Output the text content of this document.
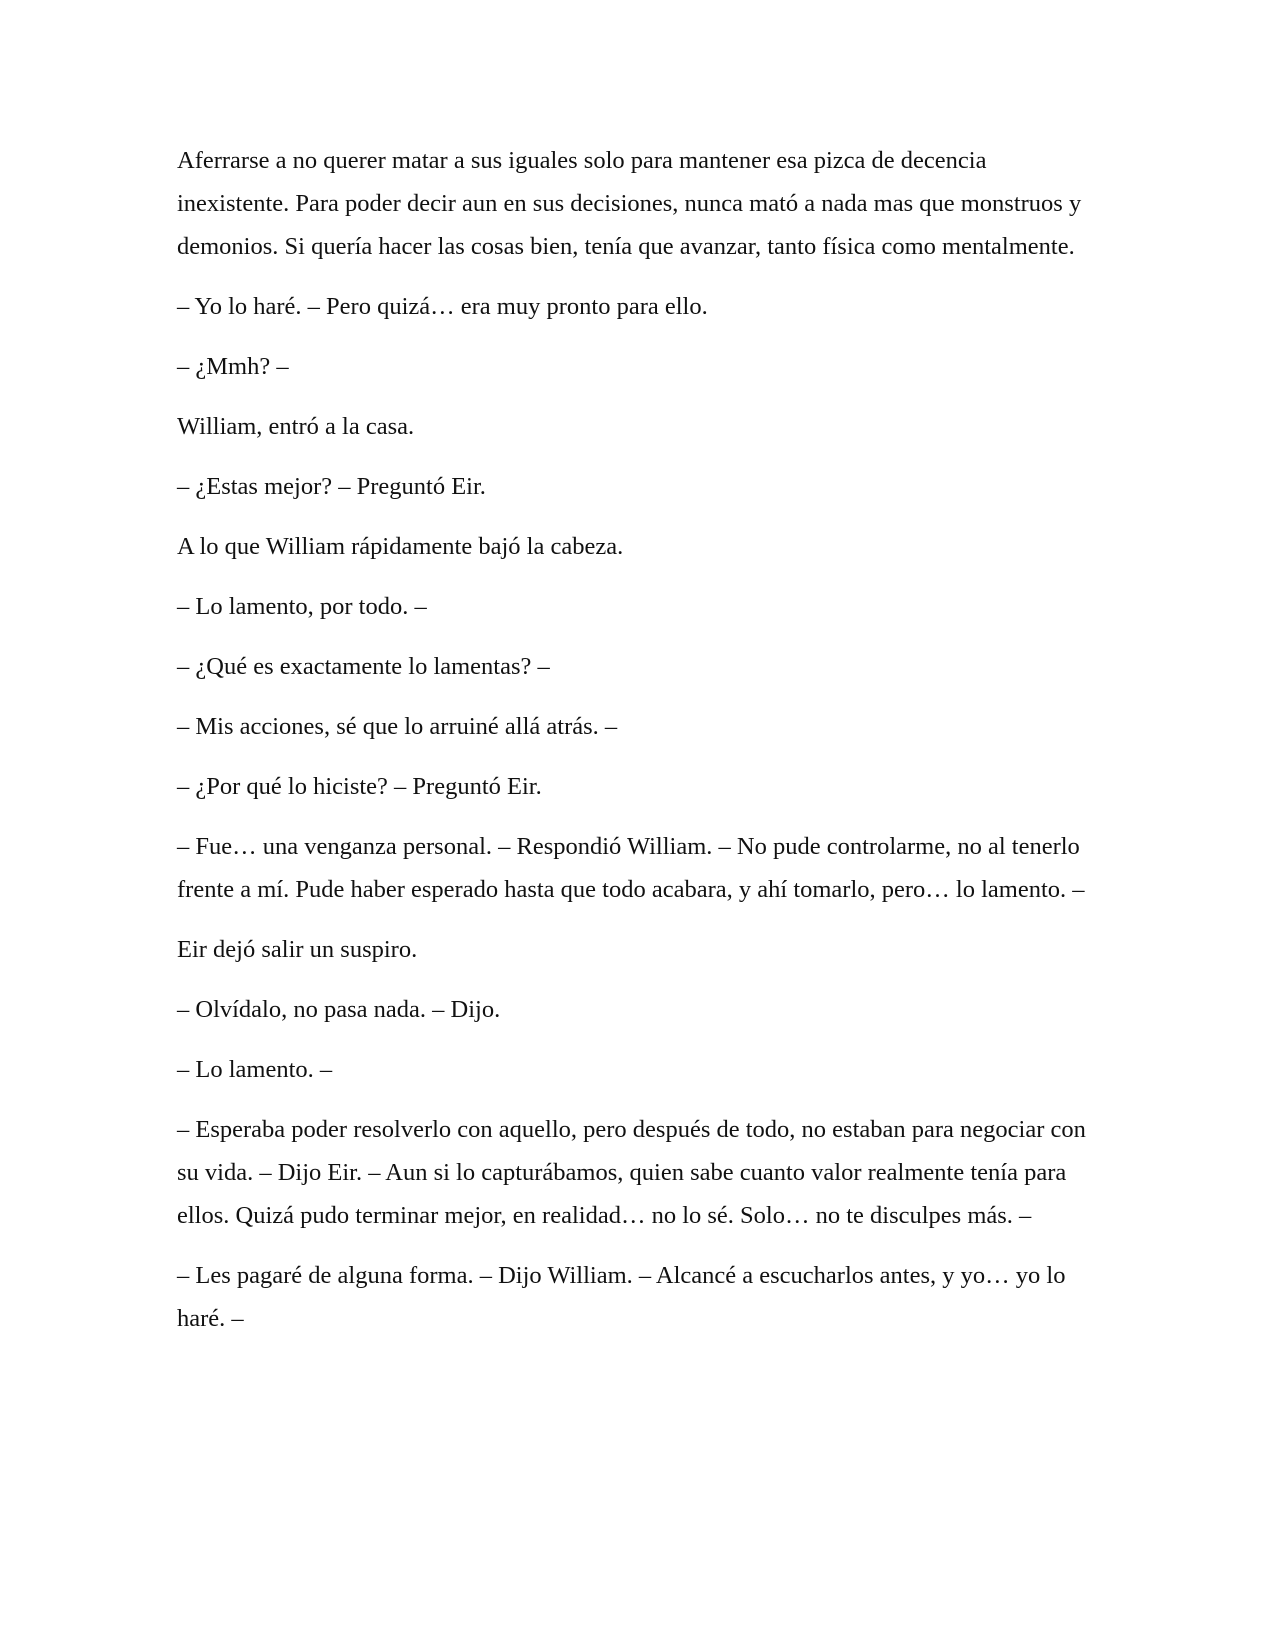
Aferrarse a no querer matar a sus iguales solo para mantener esa pizca de decencia inexistente. Para poder decir aun en sus decisiones, nunca mató a nada mas que monstruos y demonios. Si quería hacer las cosas bien, tenía que avanzar, tanto física como mentalmente.

– Yo lo haré. – Pero quizá… era muy pronto para ello.

– ¿Mmh? –

William, entró a la casa.

– ¿Estas mejor? – Preguntó Eir.

A lo que William rápidamente bajó la cabeza.

– Lo lamento, por todo. –

– ¿Qué es exactamente lo lamentas? –

– Mis acciones, sé que lo arruiné allá atrás. –

– ¿Por qué lo hiciste? – Preguntó Eir.

– Fue… una venganza personal. – Respondió William. – No pude controlarme, no al tenerlo frente a mí. Pude haber esperado hasta que todo acabara, y ahí tomarlo, pero… lo lamento. –

Eir dejó salir un suspiro.

– Olvídalo, no pasa nada. – Dijo.

– Lo lamento. –

– Esperaba poder resolverlo con aquello, pero después de todo, no estaban para negociar con su vida. – Dijo Eir. – Aun si lo capturábamos, quien sabe cuanto valor realmente tenía para ellos. Quizá pudo terminar mejor, en realidad… no lo sé. Solo… no te disculpes más. –

– Les pagaré de alguna forma. – Dijo William. – Alcancé a escucharlos antes, y yo… yo lo haré. –
